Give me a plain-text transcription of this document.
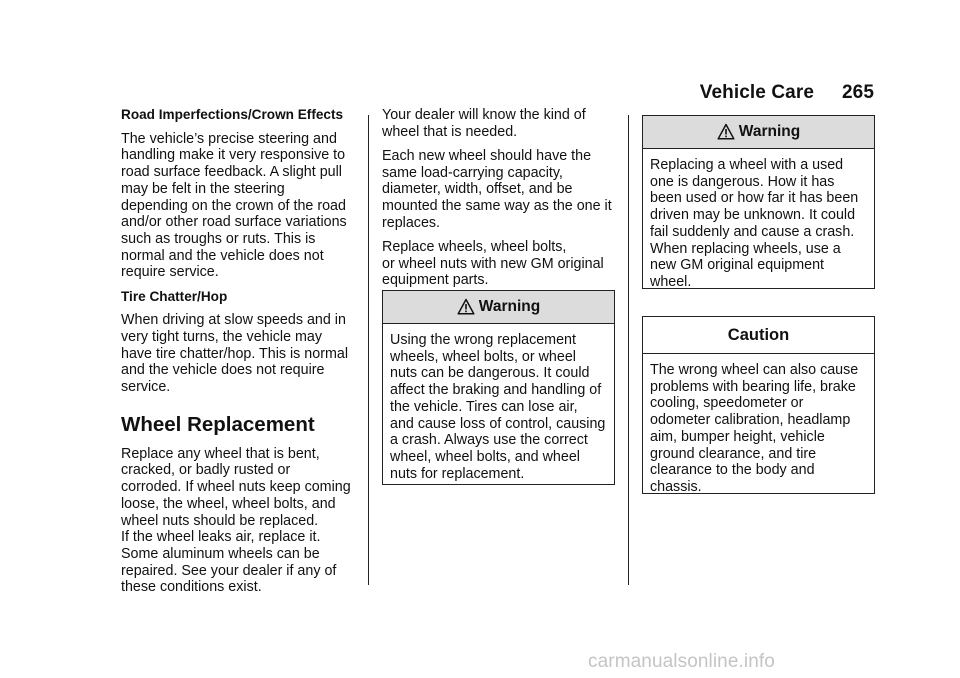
Vehicle Care 265
Road Imperfections/Crown Effects

The vehicle’s precise steering and
handling make it very responsive to
road surface feedback. A slight pull
may be felt in the steering
depending on the crown of the road
and/or other road surface variations
such as troughs or ruts. This is
normal and the vehicle does not
require service.

Tire Chatter/Hop

When driving at slow speeds and in
very tight turns, the vehicle may
have tire chatter/hop. This is normal
and the vehicle does not require
service.

Wheel Replacement

Replace any wheel that is bent,
cracked, or badly rusted or
corroded. If wheel nuts keep coming
loose, the wheel, wheel bolts, and
wheel nuts should be replaced.
If the wheel leaks air, replace it.
Some aluminum wheels can be
repaired. See your dealer if any of
these conditions exist.

Your dealer will know the kind of
wheel that is needed.

Each new wheel should have the
same load-carrying capacity,
diameter, width, offset, and be
mounted the same way as the one it
replaces.

Replace wheels, wheel bolts,
or wheel nuts with new GM original
equipment parts.

Warning
Using the wrong replacement
wheels, wheel bolts, or wheel
nuts can be dangerous. It could
affect the braking and handling of
the vehicle. Tires can lose air,
and cause loss of control, causing
a crash. Always use the correct
wheel, wheel bolts, and wheel
nuts for replacement.
Warning
Replacing a wheel with a used
one is dangerous. How it has
been used or how far it has been
driven may be unknown. It could
fail suddenly and cause a crash.
When replacing wheels, use a
new GM original equipment
wheel.
Caution
The wrong wheel can also cause
problems with bearing life, brake
cooling, speedometer or
odometer calibration, headlamp
aim, bumper height, vehicle
ground clearance, and tire
clearance to the body and
chassis.
carmanualsonline.info
